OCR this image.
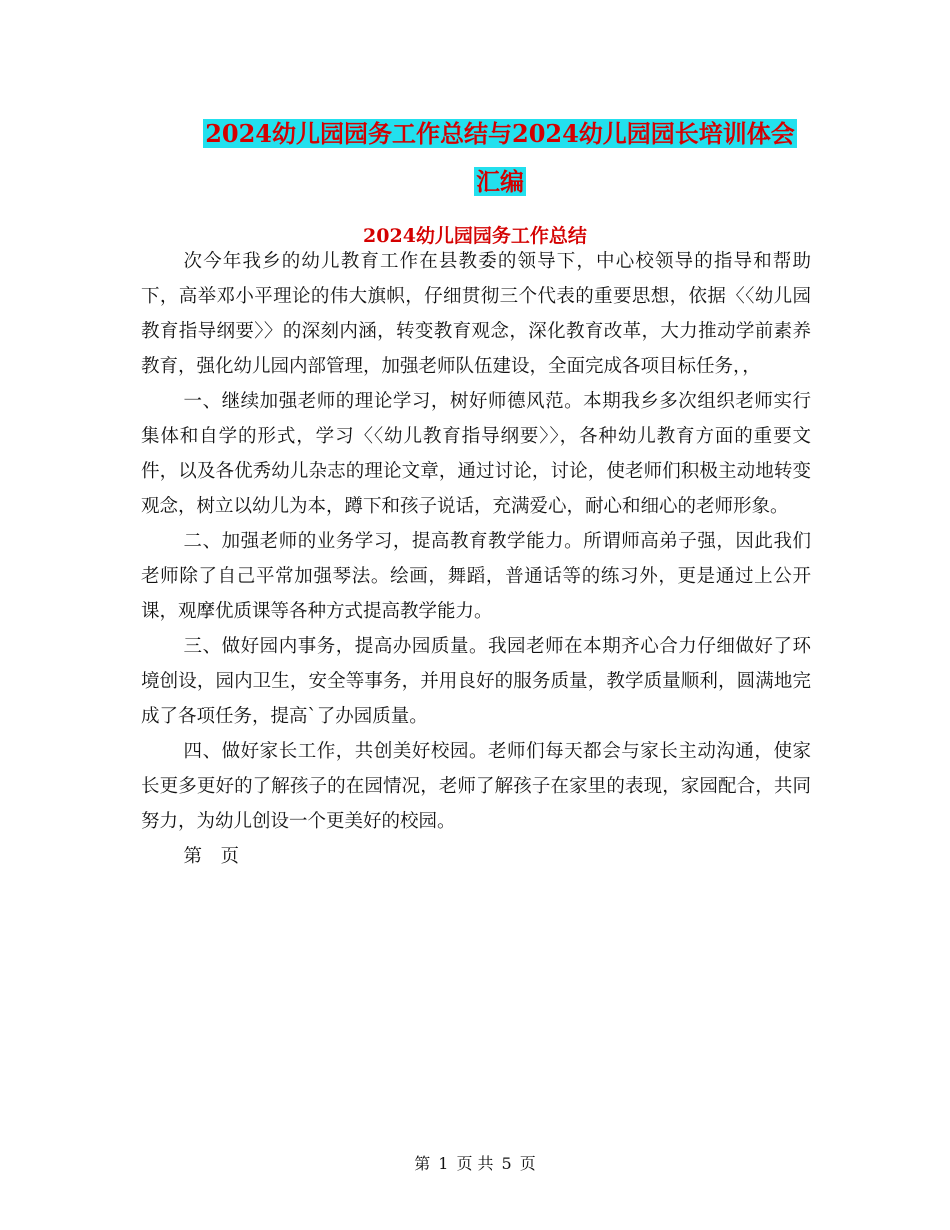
2024幼儿园园务工作总结与2024幼儿园园长培训体会
汇编
2024幼儿园园务工作总结

次今年我乡的幼儿教育工作在县教委的领导下，中心校领导的指导和帮助下，高举邓小平理论的伟大旗帜，仔细贯彻三个代表的重要思想，依据〈〈幼儿园教育指导纲要〉〉的深刻内涵，转变教育观念，深化教育改革，大力推动学前素养教育，强化幼儿园内部管理，加强老师队伍建设，全面完成各项目标任务，，

一、继续加强老师的理论学习，树好师德风范。本期我乡多次组织老师实行集体和自学的形式，学习〈〈幼儿教育指导纲要〉〉，各种幼儿教育方面的重要文件，以及各优秀幼儿杂志的理论文章，通过讨论，讨论，使老师们积极主动地转变观念，树立以幼儿为本，蹲下和孩子说话，充满爱心，耐心和细心的老师形象。

二、加强老师的业务学习，提高教育教学能力。所谓师高弟子强，因此我们老师除了自己平常加强琴法。绘画，舞蹈，普通话等的练习外，更是通过上公开课，观摩优质课等各种方式提高教学能力。

三、做好园内事务，提高办园质量。我园老师在本期齐心合力仔细做好了环境创设，园内卫生，安全等事务，并用良好的服务质量，教学质量顺利，圆满地完成了各项任务，提高`了办园质量。

四、做好家长工作，共创美好校园。老师们每天都会与家长主动沟通，使家长更多更好的了解孩子的在园情况，老师了解孩子在家里的表现，家园配合，共同努力，为幼儿创设一个更美好的校园。

第　页

第 1 页 共 5 页
